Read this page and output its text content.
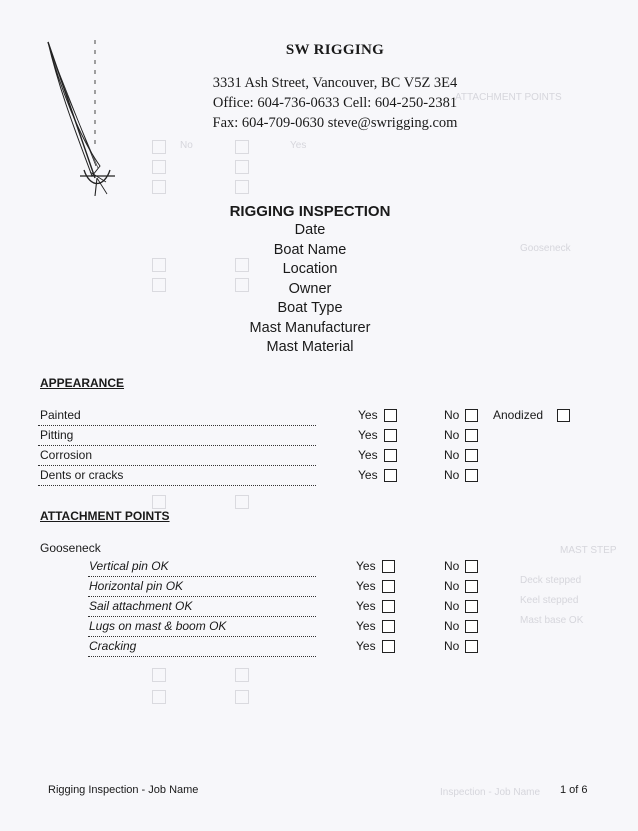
ATTACHMENT POINTS
Yes
No
Gooseneck
MAST STEP
Deck stepped
Keel stepped
Mast base OK
Inspection - Job Name
SW RIGGING
3331 Ash Street, Vancouver, BC V5Z 3E4
Office: 604-736-0633 Cell: 604-250-2381
Fax: 604-709-0630 steve@swrigging.com
RIGGING INSPECTION
Date
Boat Name
Location
Owner
Boat Type
Mast Manufacturer
Mast Material
APPEARANCE
Painted	Yes	No	Anodized
Pitting	Yes	No
Corrosion	Yes	No
Dents or cracks	Yes	No
ATTACHMENT POINTS
Gooseneck
Vertical pin OK	Yes	No
Horizontal pin OK	Yes	No
Sail attachment OK	Yes	No
Lugs on mast & boom OK	Yes	No
Cracking	Yes	No
Rigging Inspection - Job Name	1 of 6
